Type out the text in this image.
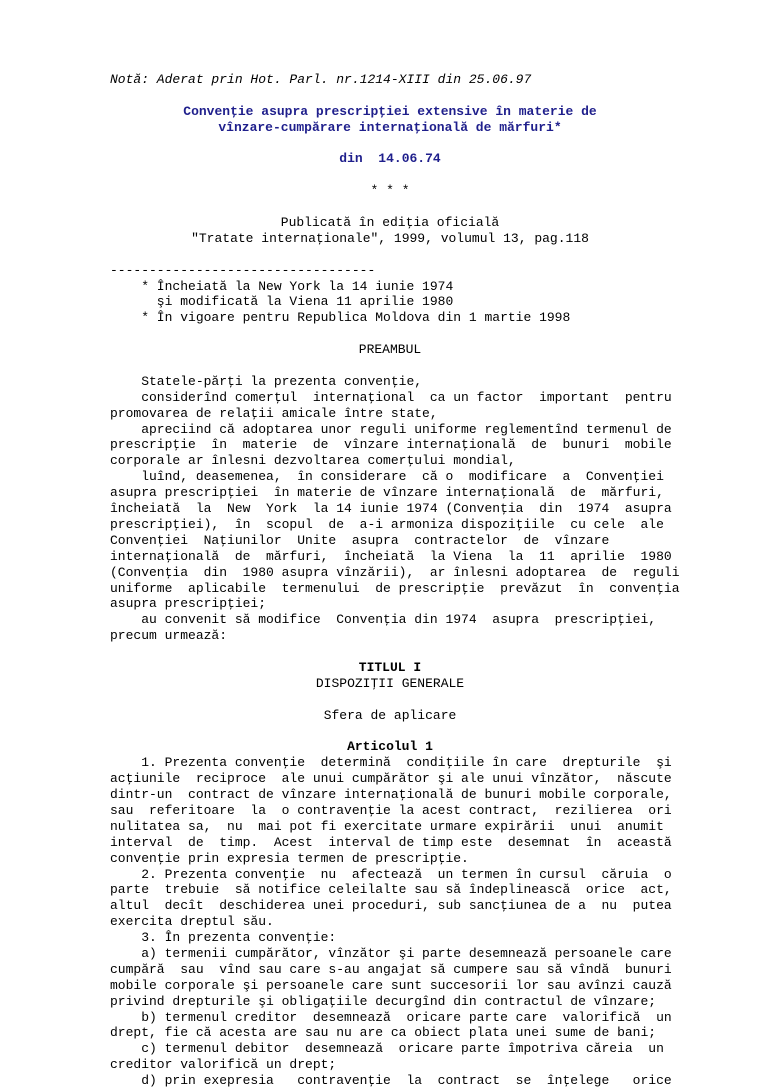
Notă: Aderat prin Hot. Parl. nr.1214-XIII din 25.06.97
Convenţie asupra prescripţiei extensive în materie de
vînzare-cumpărare internaţională de mărfuri*
din  14.06.74
* * *
Publicată în ediţia oficială
"Tratate internaţionale", 1999, volumul 13, pag.118
----------------------------------
* Încheiată la New York la 14 iunie 1974
şi modificată la Viena 11 aprilie 1980
* În vigoare pentru Republica Moldova din 1 martie 1998
PREAMBUL
Statele-părţi la prezenta convenţie,
considerînd comerţul  internaţional  ca un factor  important  pentru
promovarea de relaţii amicale între state,
apreciind că adoptarea unor reguli uniforme reglementînd termenul de
prescripţie  în  materie  de  vînzare internaţională  de  bunuri  mobile
corporale ar înlesni dezvoltarea comerţului mondial,
luînd, deasemenea,  în considerare  că o  modificare  a  Convenţiei
asupra prescripţiei  în materie de vînzare internaţională  de  mărfuri,
încheiată  la  New  York  la 14 iunie 1974 (Convenţia  din  1974  asupra
prescripţiei),  în  scopul  de  a-i armoniza dispoziţiile  cu cele  ale
Convenţiei  Naţiunilor  Unite  asupra  contractelor  de  vînzare
internaţională  de  mărfuri,  încheiată  la Viena  la  11  aprilie  1980
(Convenţia  din  1980 asupra vînzării),  ar înlesni adoptarea  de  reguli
uniforme  aplicabile  termenului  de prescripţie  prevăzut  în  convenţia
asupra prescripţiei;
au convenit să modifice  Convenţia din 1974  asupra  prescripţiei,
precum urmează:
TITLUL I
DISPOZIŢII GENERALE
Sfera de aplicare
Articolul 1
1. Prezenta convenţie  determină  condiţiile în care  drepturile  şi
acţiunile  reciproce  ale unui cumpărător şi ale unui vînzător,  născute
dintr-un  contract de vînzare internaţională de bunuri mobile corporale,
sau  referitoare  la  o contravenţie la acest contract,  rezilierea  ori
nulitatea sa,  nu  mai pot fi exercitate urmare expirării  unui  anumit
interval  de  timp.  Acest  interval de timp este  desemnat  în  această
convenţie prin expresia termen de prescripţie.
2. Prezenta convenţie  nu  afectează  un termen în cursul  căruia  o
parte  trebuie  să notifice celeilalte sau să îndeplinească  orice  act,
altul  decît  deschiderea unei proceduri, sub sancţiunea de a  nu  putea
exercita dreptul său.
3. În prezenta convenţie:
a) termenii cumpărător, vînzător şi parte desemnează persoanele care
cumpără  sau  vînd sau care s-au angajat să cumpere sau să vîndă  bunuri
mobile corporale şi persoanele care sunt succesorii lor sau avînzi cauză
privind drepturile şi obligaţiile decurgînd din contractul de vînzare;
b) termenul creditor  desemnează  oricare parte care  valorifică  un
drept, fie că acesta are sau nu are ca obiect plata unei sume de bani;
c) termenul debitor  desemnează  oricare parte împotriva căreia  un
creditor valorifică un drept;
d) prin exepresia   contravenţie  la  contract  se  înţelege   orice
